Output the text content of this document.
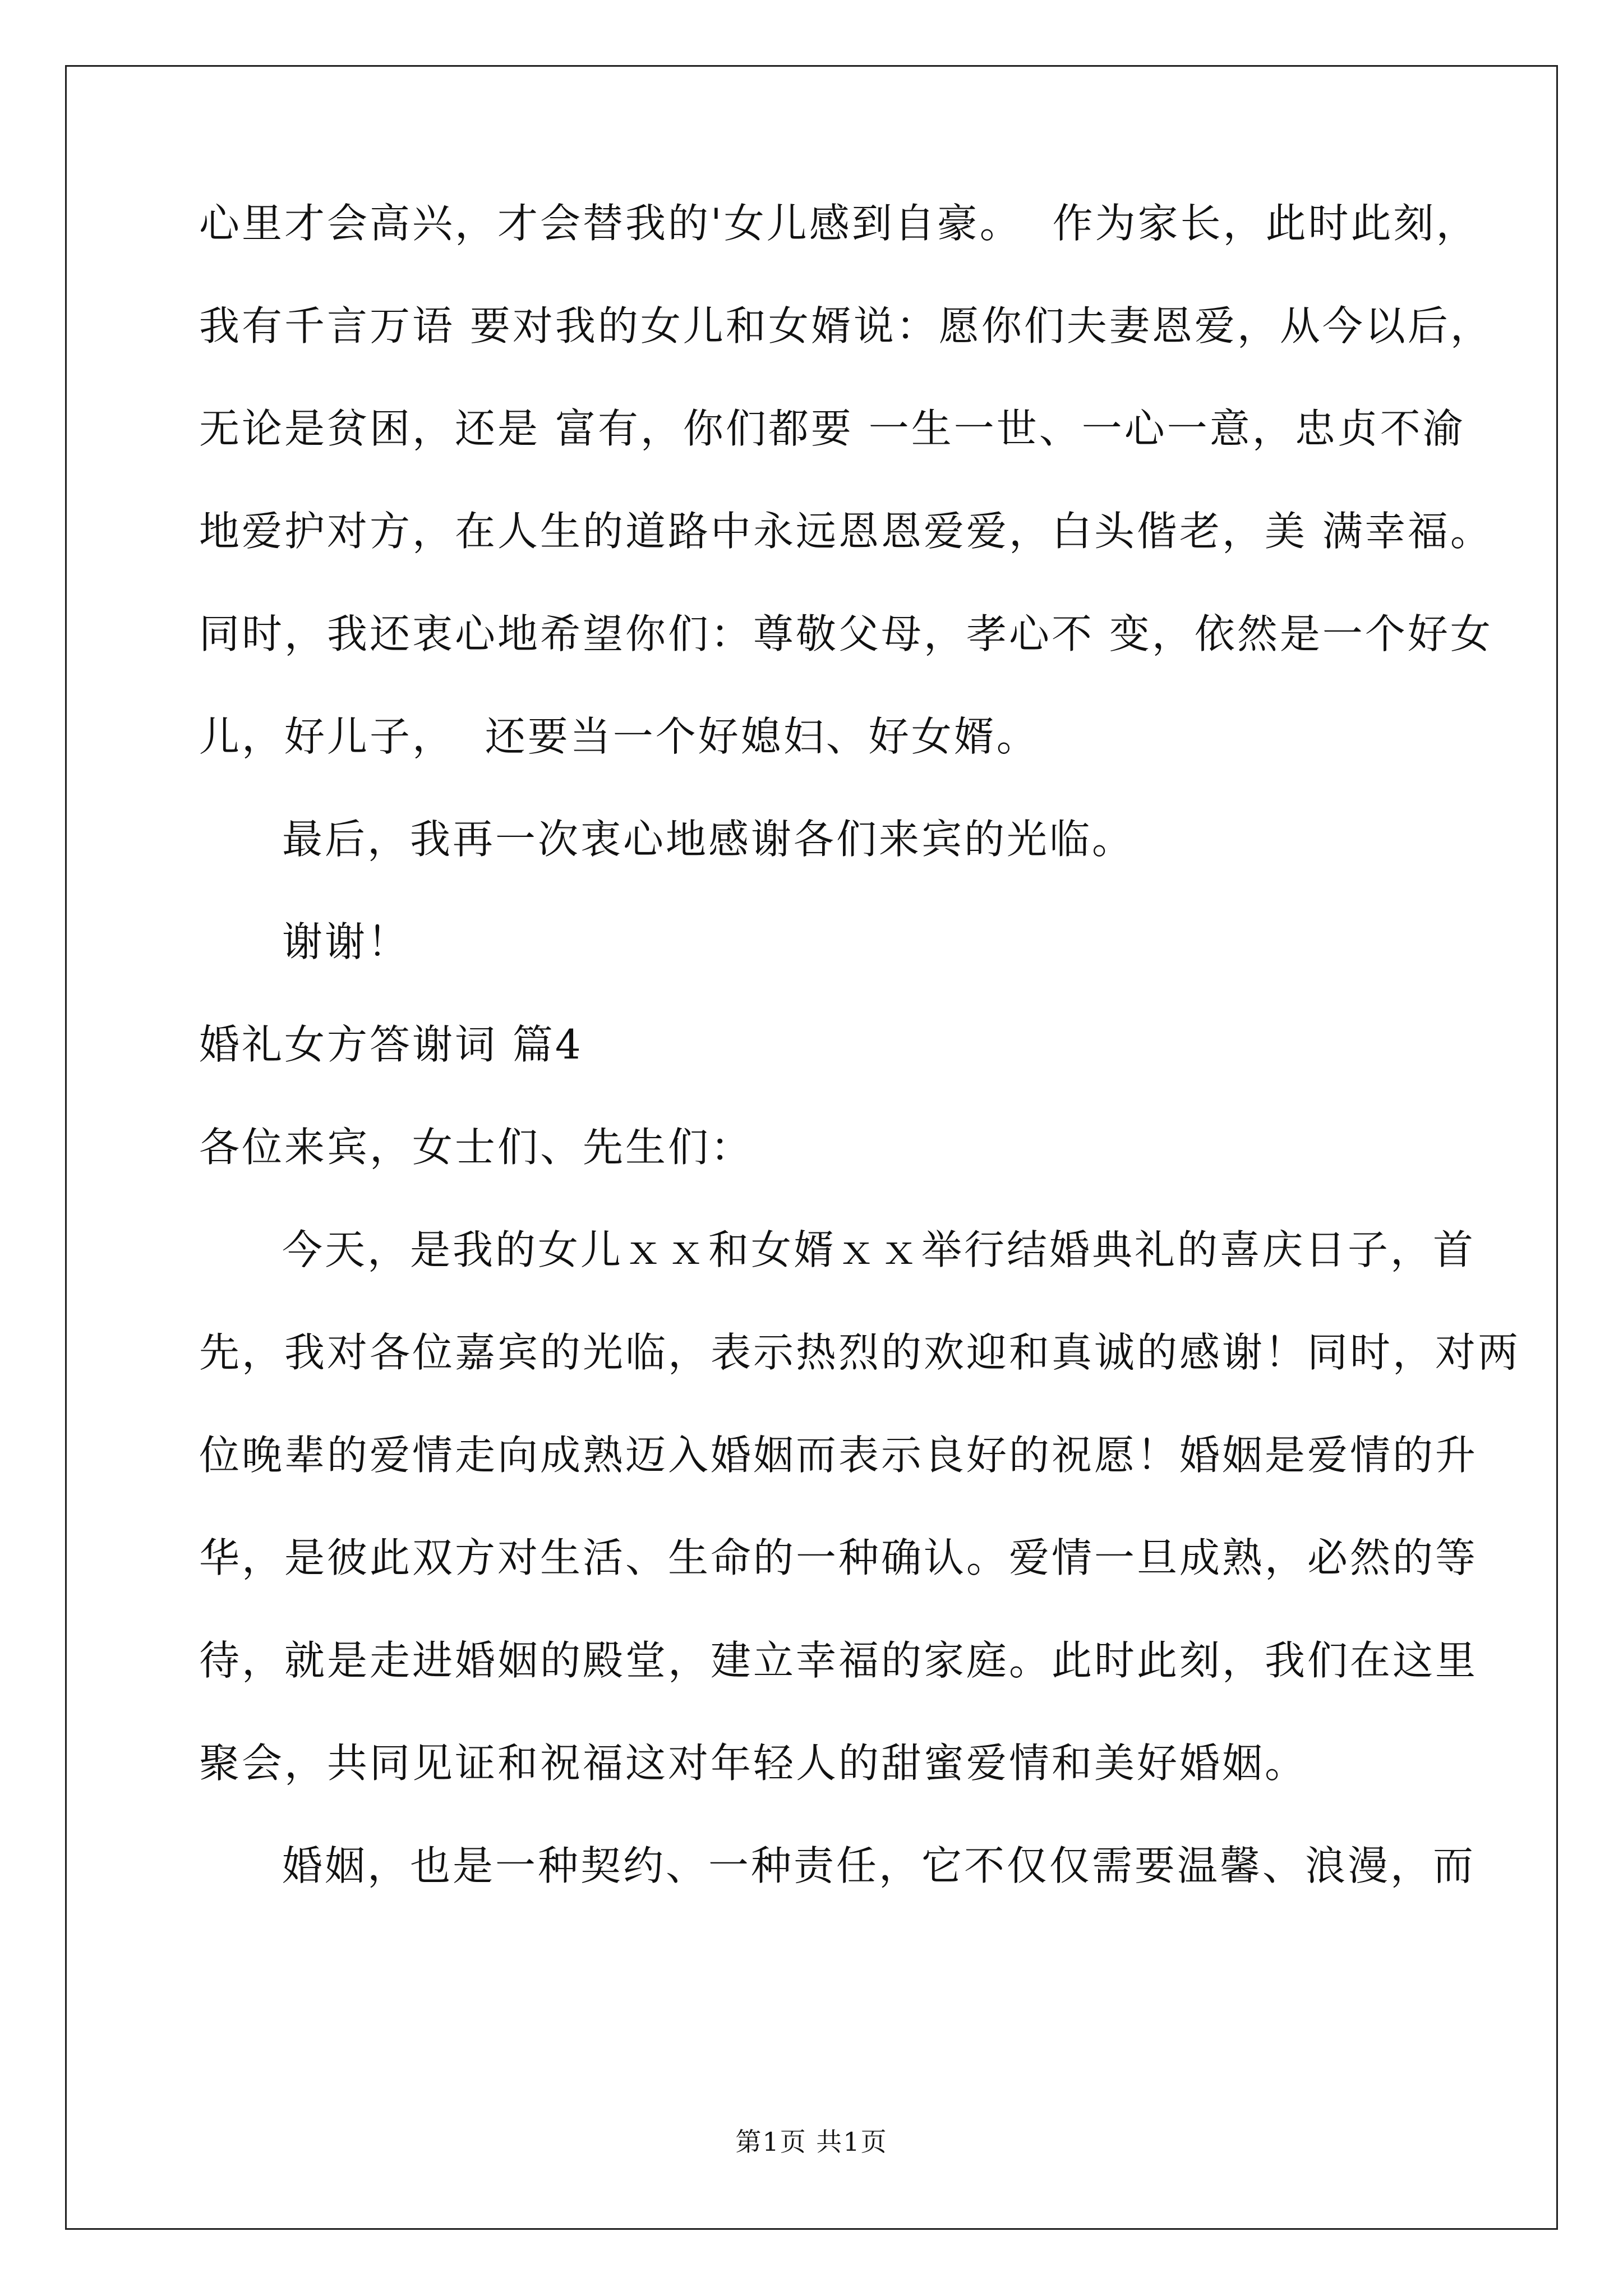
心里才会高兴，才会替我的'女儿感到自豪。  作为家长，此时此刻，
我有千言万语 要对我的女儿和女婿说：愿你们夫妻恩爱，从今以后，
无论是贫困，还是 富有，你们都要 一生一世、一心一意，忠贞不渝
地爱护对方，在人生的道路中永远恩恩爱爱，白头偕老，美 满幸福。
同时，我还衷心地希望你们：尊敬父母，孝心不 变，依然是一个好女
儿，好儿子，  还要当一个好媳妇、好女婿。
最后，我再一次衷心地感谢各们来宾的光临。
谢谢！
婚礼女方答谢词 篇4
各位来宾，女士们、先生们：
今天，是我的女儿ｘｘ和女婿ｘｘ举行结婚典礼的喜庆日子，首
先，我对各位嘉宾的光临，表示热烈的欢迎和真诚的感谢！同时，对两
位晚辈的爱情走向成熟迈入婚姻而表示良好的祝愿！婚姻是爱情的升
华，是彼此双方对生活、生命的一种确认。爱情一旦成熟，必然的等
待，就是走进婚姻的殿堂，建立幸福的家庭。此时此刻，我们在这里
聚会，共同见证和祝福这对年轻人的甜蜜爱情和美好婚姻。
婚姻，也是一种契约、一种责任，它不仅仅需要温馨、浪漫，而
第1页 共1页
